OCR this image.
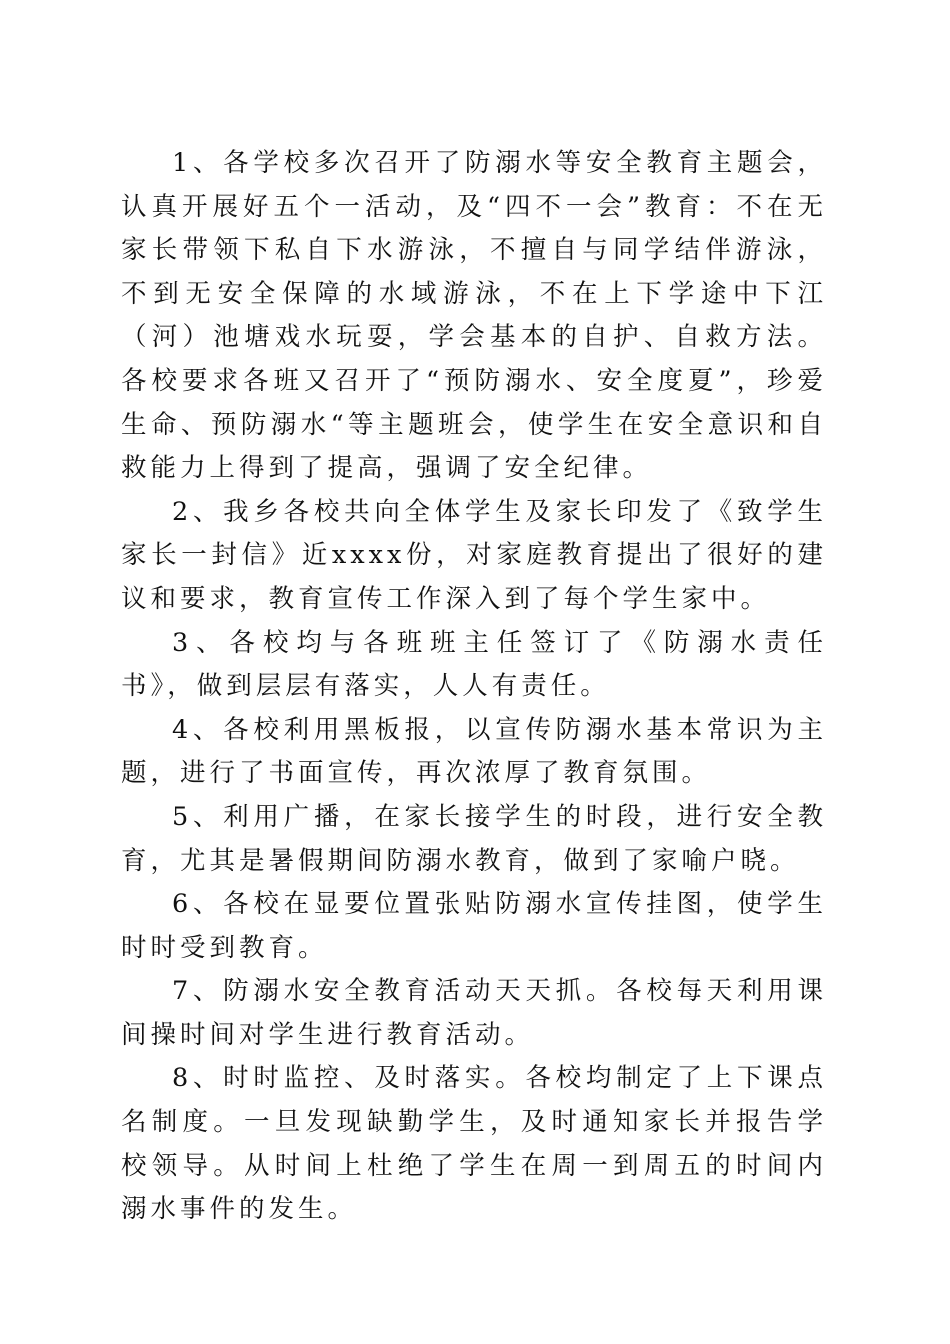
1、各学校多次召开了防溺水等安全教育主题会，认真开展好五个一活动，及“四不一会”教育：不在无家长带领下私自下水游泳，不擅自与同学结伴游泳，不到无安全保障的水域游泳，不在上下学途中下江（河）池塘戏水玩耍，学会基本的自护、自救方法。各校要求各班又召开了“预防溺水、安全度夏”，珍爱生命、预防溺水“等主题班会，使学生在安全意识和自救能力上得到了提高，强调了安全纪律。

2、我乡各校共向全体学生及家长印发了《致学生家长一封信》近xxxx份，对家庭教育提出了很好的建议和要求，教育宣传工作深入到了每个学生家中。

3、各校均与各班班主任签订了《防溺水责任书》，做到层层有落实，人人有责任。

4、各校利用黑板报，以宣传防溺水基本常识为主题，进行了书面宣传，再次浓厚了教育氛围。

5、利用广播，在家长接学生的时段，进行安全教育，尤其是暑假期间防溺水教育，做到了家喻户晓。

6、各校在显要位置张贴防溺水宣传挂图，使学生时时受到教育。

7、防溺水安全教育活动天天抓。各校每天利用课间操时间对学生进行教育活动。

8、时时监控、及时落实。各校均制定了上下课点名制度。一旦发现缺勤学生，及时通知家长并报告学校领导。从时间上杜绝了学生在周一到周五的时间内溺水事件的发生。
